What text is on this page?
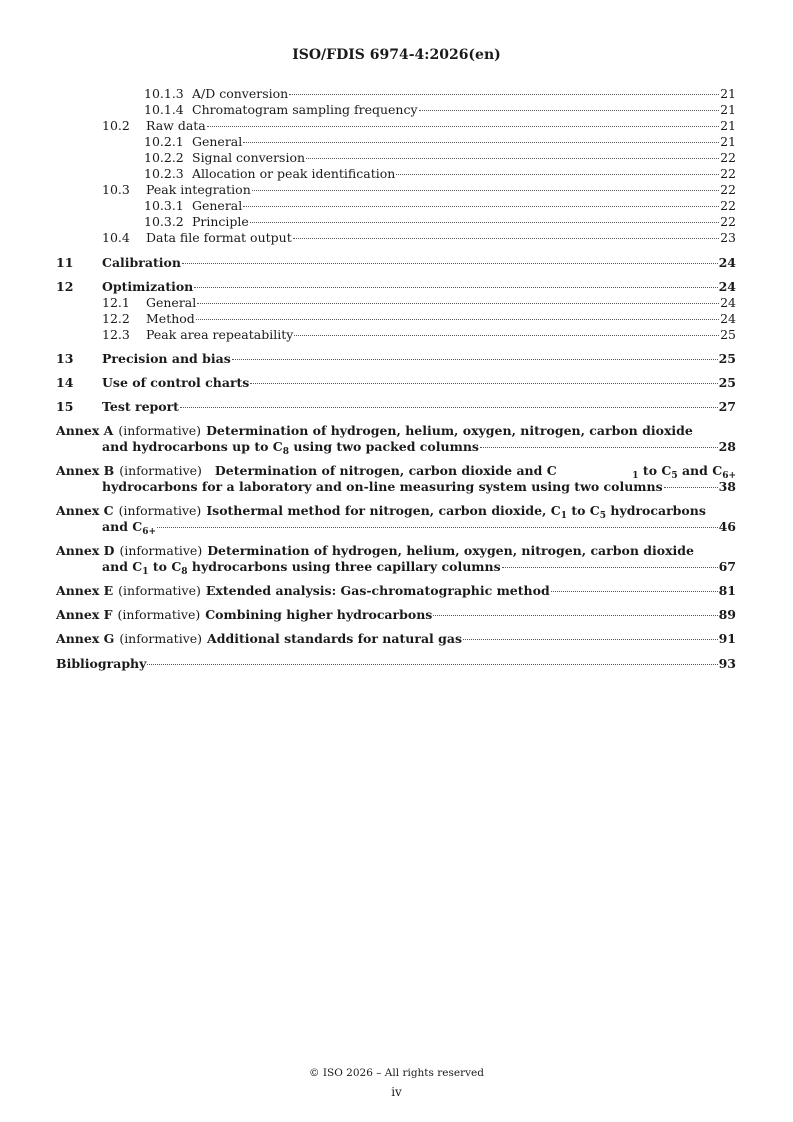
ISO/FDIS 6974-4:2026(en)
10.1.3 A/D conversion	21
10.1.4 Chromatogram sampling frequency	21
10.2	Raw data	21
10.2.1 General	21
10.2.2 Signal conversion	22
10.2.3 Allocation or peak identification	22
10.3	Peak integration	22
10.3.1 General	22
10.3.2 Principle	22
10.4	Data file format output	23
11	Calibration	24
12	Optimization	24
12.1	General	24
12.2	Method	24
12.3	Peak area repeatability	25
13	Precision and bias	25
14	Use of control charts	25
15	Test report	27
Annex A (informative) Determination of hydrogen, helium, oxygen, nitrogen, carbon dioxide
and hydrocarbons up to $C_8$ using two packed columns	28
Annex B (informative) Determination of nitrogen, carbon dioxide and C	$_1$ to $C_5$ and $C_{6+}$
hydrocarbons for a laboratory and on-line measuring system using two columns	38
Annex C (informative) Isothermal method for nitrogen, carbon dioxide, $C_1$ to $C_5$ hydrocarbons
and $C_{6+}$	46
Annex D (informative) Determination of hydrogen, helium, oxygen, nitrogen, carbon dioxide
and $C_1$ to $C_8$ hydrocarbons using three capillary columns	67
Annex E (informative) Extended analysis: Gas-chromatographic method	81
Annex F (informative) Combining higher hydrocarbons	89
Annex G (informative) Additional standards for natural gas	91
Bibliography	93
© ISO 2026 – All rights reserved
iv
